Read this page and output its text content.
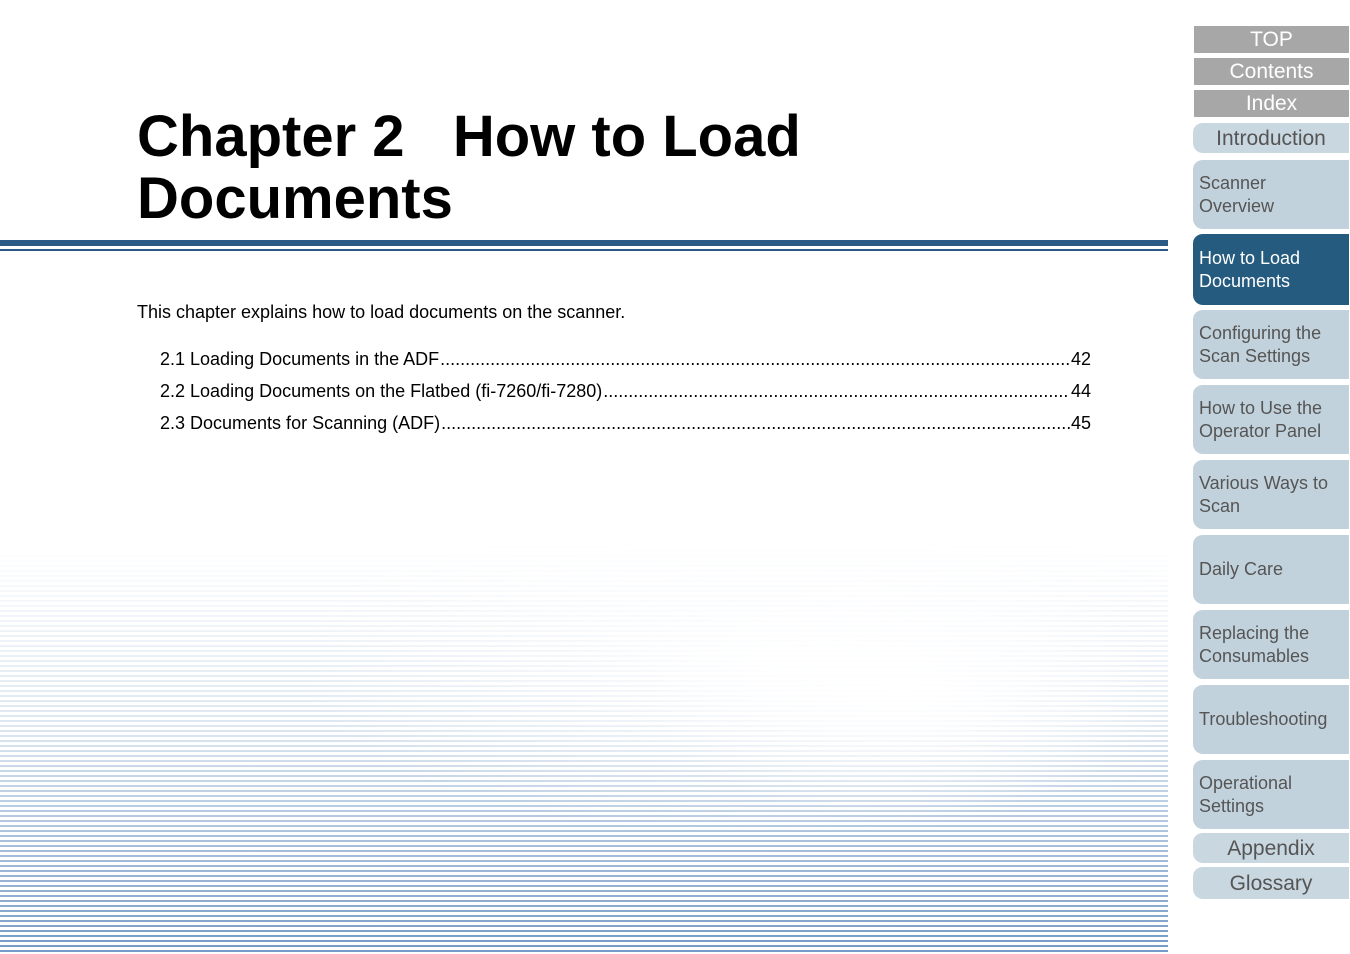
Chapter 2   How to Load
Documents
This chapter explains how to load documents on the scanner.
2.1 Loading Documents in the ADF .....	42
2.2 Loading Documents on the Flatbed (fi-7260/fi-7280) .....	44
2.3 Documents for Scanning (ADF) .....	45
TOP
Contents
Index
Introduction
Scanner
Overview
How to Load
Documents
Configuring the
Scan Settings
How to Use the
Operator Panel
Various Ways to
Scan
Daily Care
Replacing the
Consumables
Troubleshooting
Operational
Settings
Appendix
Glossary
